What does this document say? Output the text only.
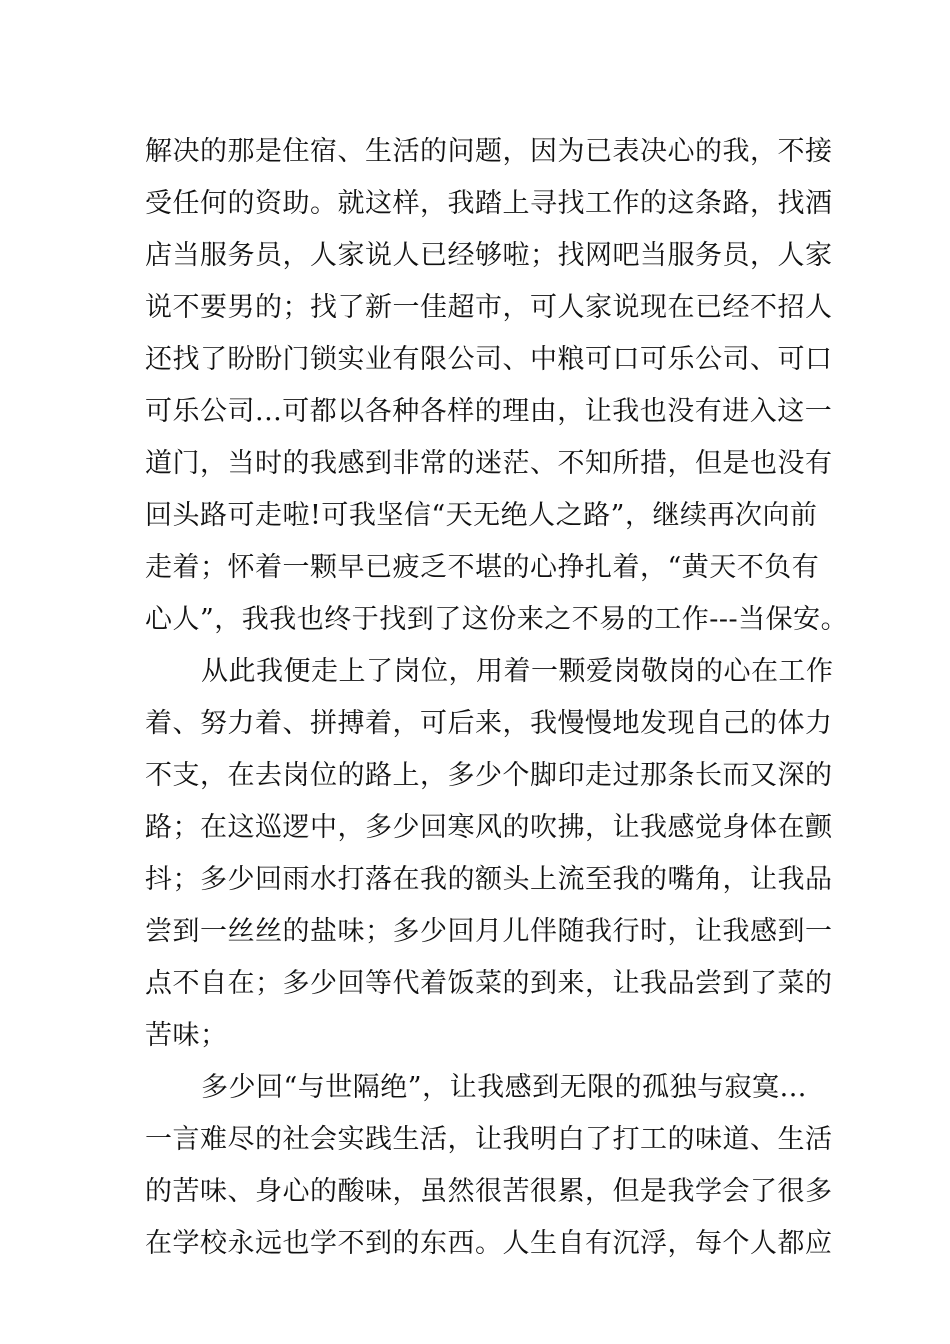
解决的那是住宿、生活的问题，因为已表决心的我，不接
受任何的资助。就这样，我踏上寻找工作的这条路，找酒
店当服务员，人家说人已经够啦；找网吧当服务员，人家
说不要男的；找了新一佳超市，可人家说现在已经不招人
还找了盼盼门锁实业有限公司、中粮可口可乐公司、可口
可乐公司...可都以各种各样的理由，让我也没有进入这一
道门，当时的我感到非常的迷茫、不知所措，但是也没有
回头路可走啦!可我坚信“天无绝人之路”，继续再次向前
走着；怀着一颗早已疲乏不堪的心挣扎着，“黄天不负有
心人”，我我也终于找到了这份来之不易的工作---当保安。
从此我便走上了岗位，用着一颗爱岗敬岗的心在工作
着、努力着、拼搏着，可后来，我慢慢地发现自己的体力
不支，在去岗位的路上，多少个脚印走过那条长而又深的
路；在这巡逻中，多少回寒风的吹拂，让我感觉身体在颤
抖；多少回雨水打落在我的额头上流至我的嘴角，让我品
尝到一丝丝的盐味；多少回月儿伴随我行时，让我感到一
点不自在；多少回等代着饭菜的到来，让我品尝到了菜的
苦味；
多少回“与世隔绝”，让我感到无限的孤独与寂寞...
一言难尽的社会实践生活，让我明白了打工的味道、生活
的苦味、身心的酸味，虽然很苦很累，但是我学会了很多
在学校永远也学不到的东西。人生自有沉浮，每个人都应
